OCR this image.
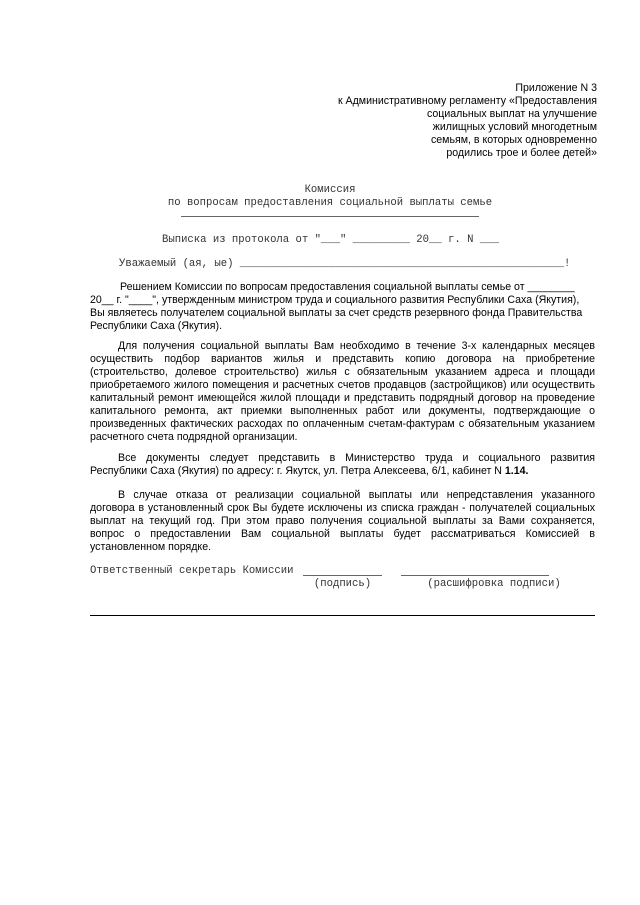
Приложение N 3
к Административному регламенту «Предоставления
социальных выплат на улучшение
жилищных условий многодетным
семьям, в которых одновременно
родились трое и более детей»
Комиссия
по вопросам предоставления социальной выплаты семье
Выписка из протокола от "___" _________ 20__ г. N ___
Уважаемый (ая, ые) ___________________________________________________!

Решением Комиссии по вопросам предоставления социальной выплаты семье от ________
20__ г. "____", утвержденным министром труда и социального развития Республики Саха (Якутия),
Вы являетесь получателем социальной выплаты за счет средств резервного фонда Правительства
Республики Саха (Якутия).

Для получения социальной выплаты Вам необходимо в течение 3-х календарных месяцев
осуществить подбор вариантов жилья и представить копию договора на приобретение
(строительство, долевое строительство) жилья с обязательным указанием адреса и площади
приобретаемого жилого помещения и расчетных счетов продавцов (застройщиков) или осуществить
капитальный ремонт имеющейся жилой площади и представить подрядный договор на проведение
капитального ремонта, акт приемки выполненных работ или документы, подтверждающие о
произведенных фактических расходах по оплаченным счетам-фактурам с обязательным указанием
расчетного счета подрядной организации.

Все документы следует представить в Министерство труда и социального развития
Республики Саха (Якутия) по адресу: г. Якутск, ул. Петра Алексеева, 6/1, кабинет N 1.14.

В случае отказа от реализации социальной выплаты или непредставления указанного
договора в установленный срок Вы будете исключены из списка граждан - получателей социальных
выплат на текущий год. При этом право получения социальной выплаты за Вами сохраняется,
вопрос о предоставлении Вам социальной выплаты будет рассматриваться Комиссией в
установленном порядке.

Ответственный секретарь Комиссии
(подпись)	(расшифровка подписи)
